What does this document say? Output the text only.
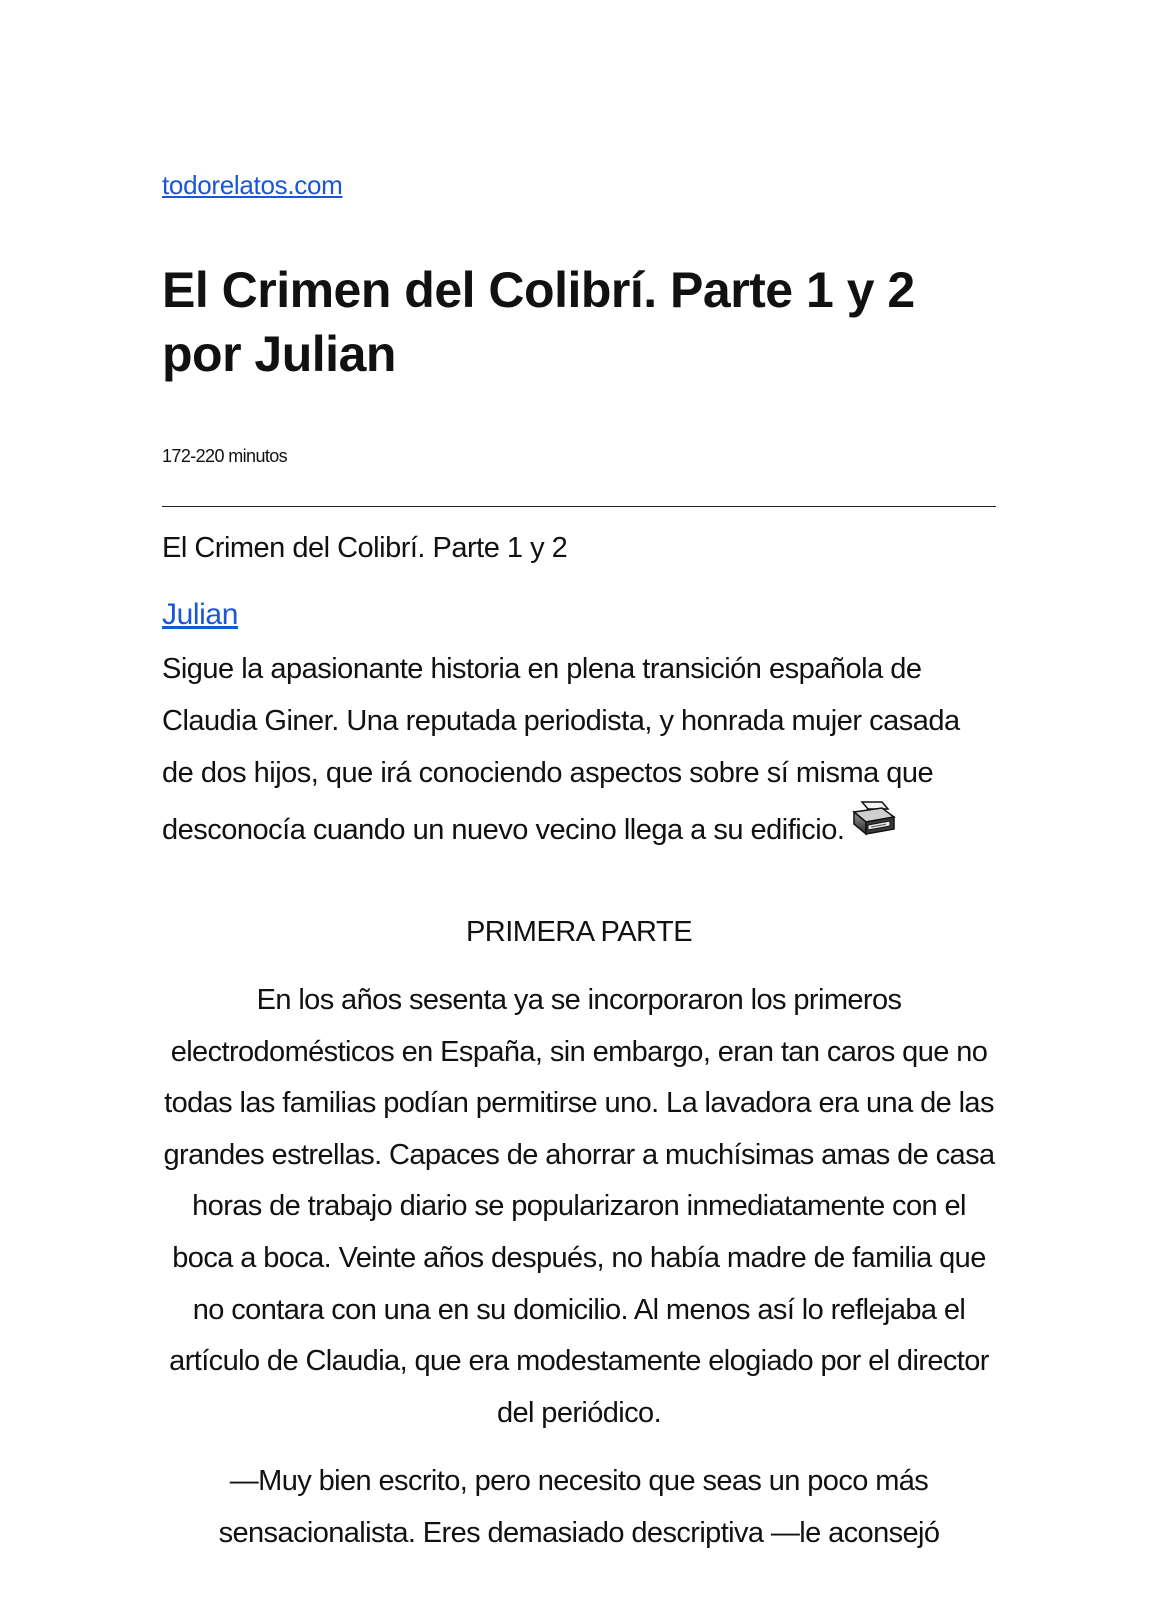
todorelatos.com
El Crimen del Colibrí. Parte 1 y 2 por Julian
172-220 minutos
El Crimen del Colibrí. Parte 1 y 2
Julian
Sigue la apasionante historia en plena transición española de Claudia Giner. Una reputada periodista, y honrada mujer casada de dos hijos, que irá conociendo aspectos sobre sí misma que desconocía cuando un nuevo vecino llega a su edificio.
PRIMERA PARTE
En los años sesenta ya se incorporaron los primeros electrodomésticos en España, sin embargo, eran tan caros que no todas las familias podían permitirse uno. La lavadora era una de las grandes estrellas. Capaces de ahorrar a muchísimas amas de casa horas de trabajo diario se popularizaron inmediatamente con el boca a boca. Veinte años después, no había madre de familia que no contara con una en su domicilio. Al menos así lo reflejaba el artículo de Claudia, que era modestamente elogiado por el director del periódico.
—Muy bien escrito, pero necesito que seas un poco más sensacionalista. Eres demasiado descriptiva —le aconsejó
